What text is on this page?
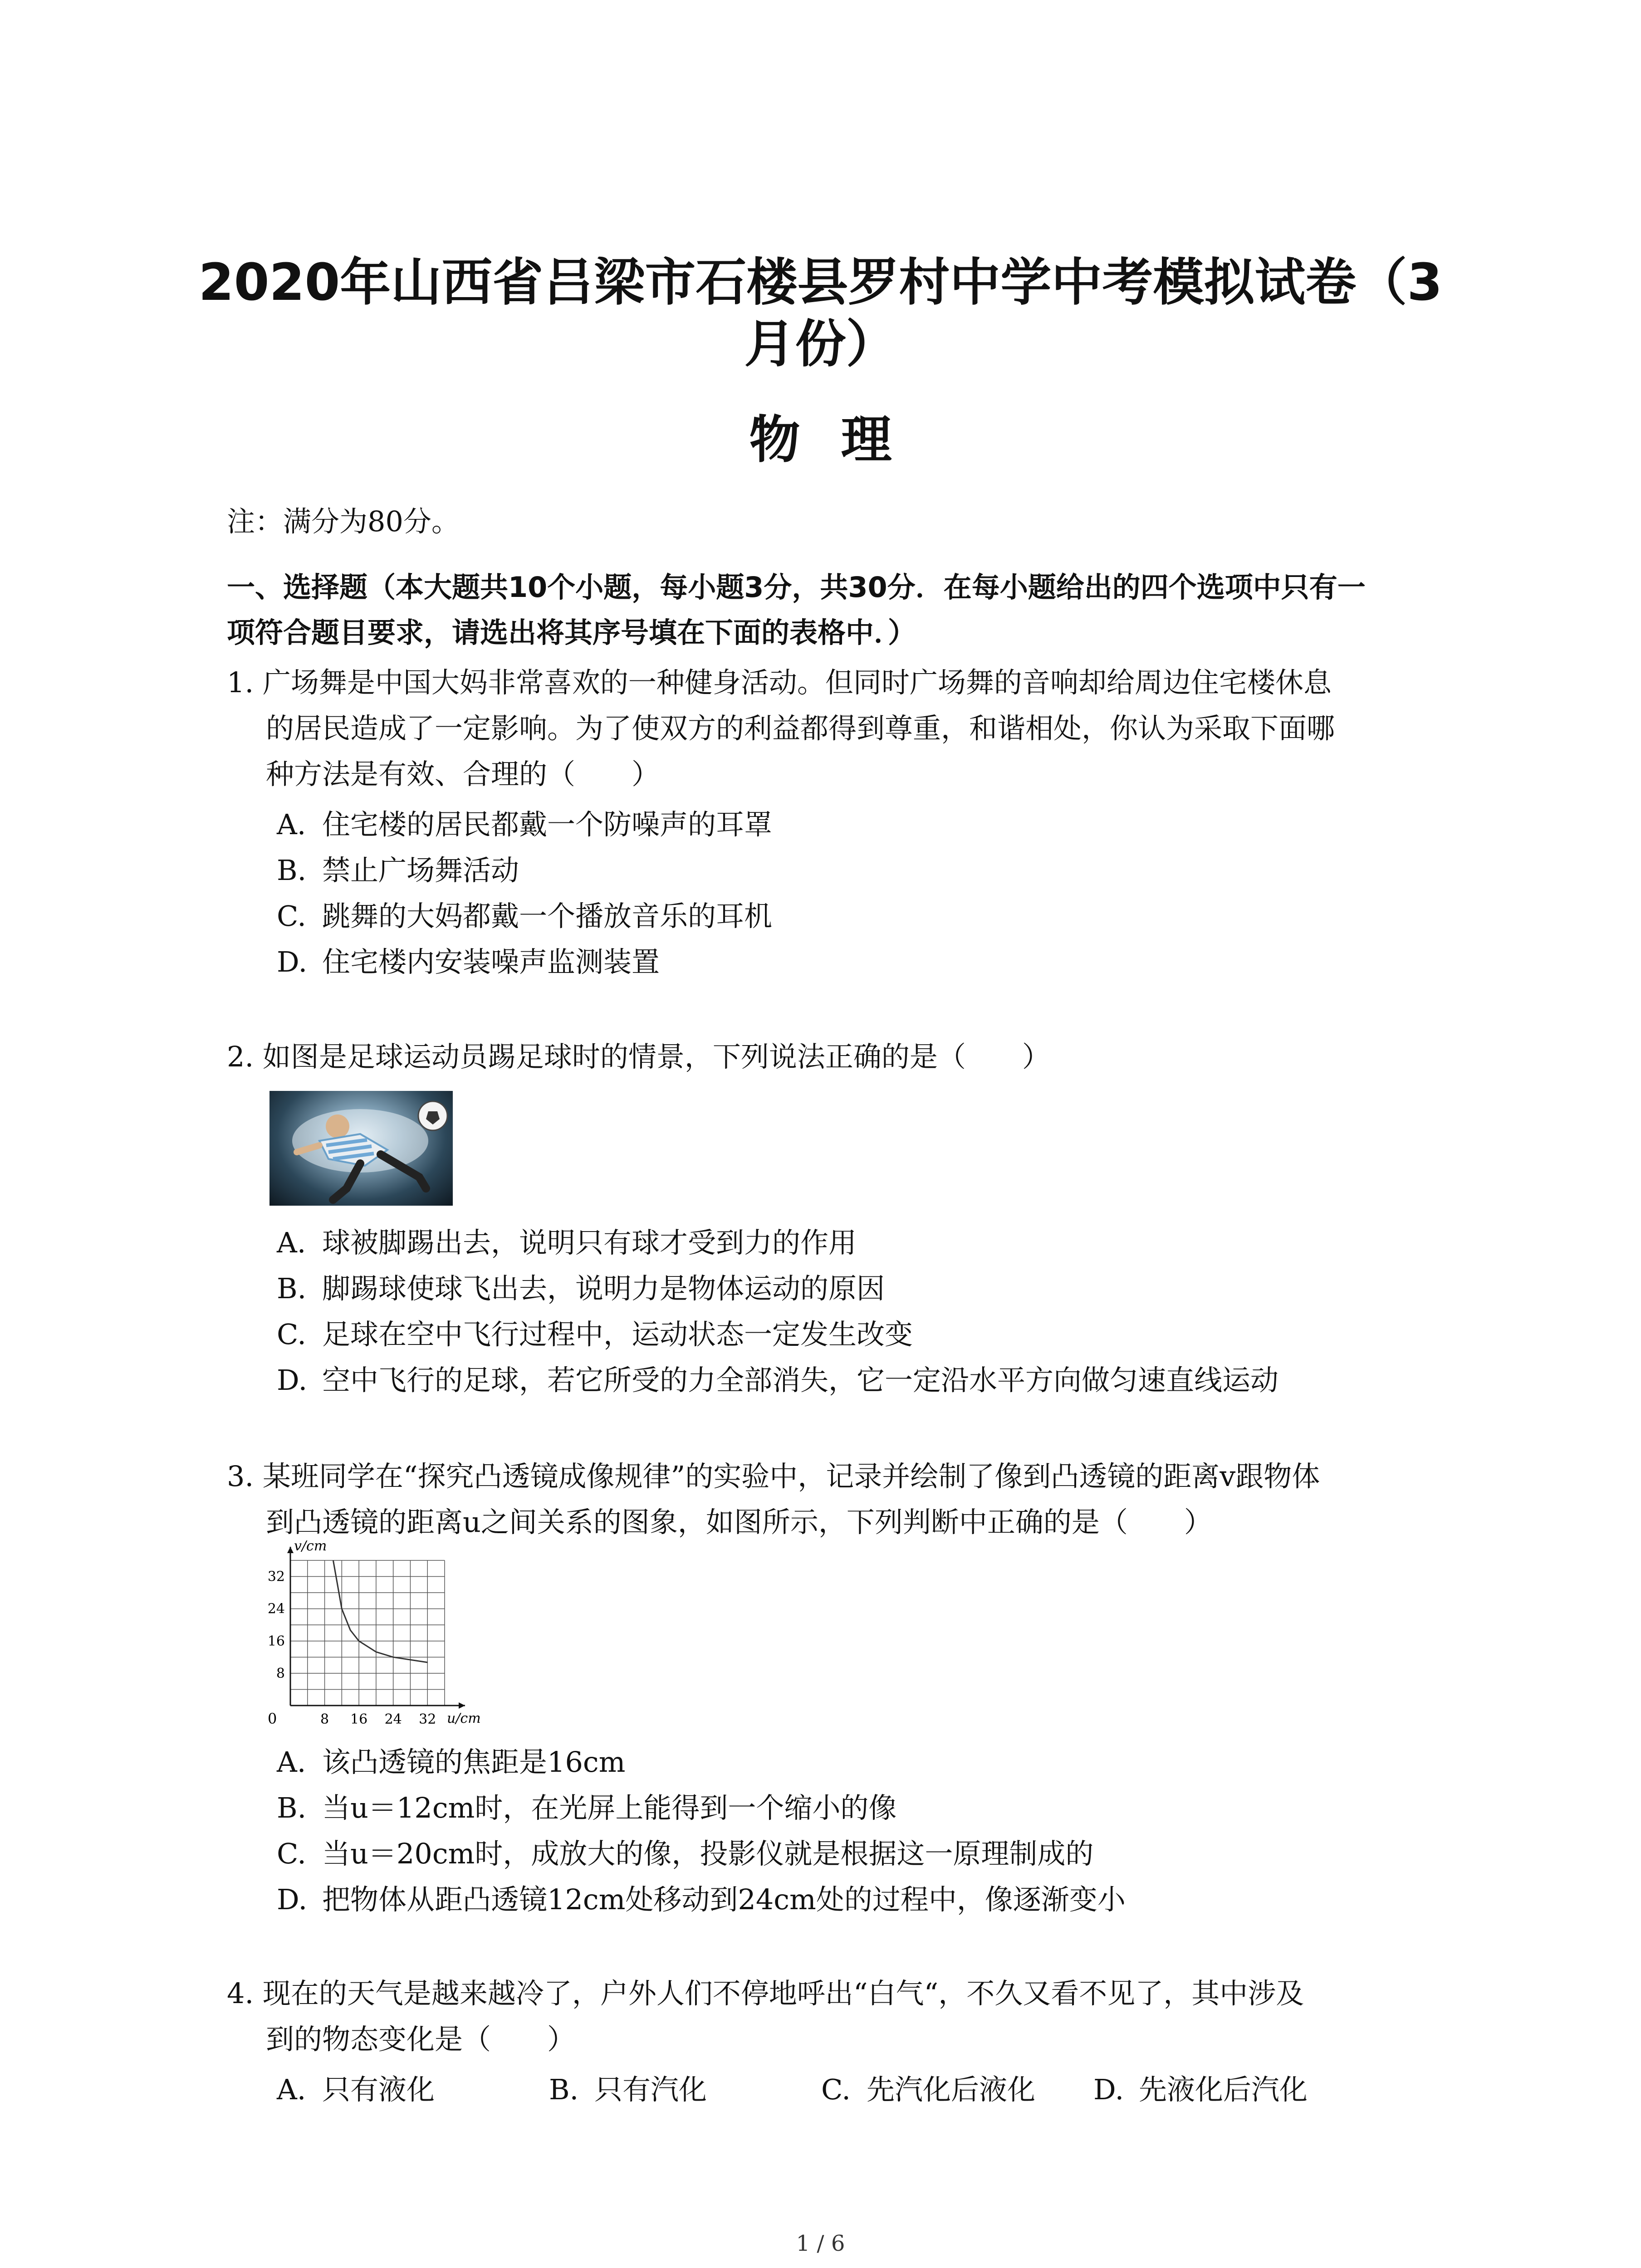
2020年山西省吕梁市石楼县罗村中学中考模拟试卷（3
月份）
物理
注：满分为80分。
一、选择题（本大题共10个小题，每小题3分，共30分．在每小题给出的四个选项中只有一
项符合题目要求，请选出将其序号填在下面的表格中．）
1. 广场舞是中国大妈非常喜欢的一种健身活动。但同时广场舞的音响却给周边住宅楼休息
的居民造成了一定影响。为了使双方的利益都得到尊重，和谐相处，你认为采取下面哪
种方法是有效、合理的（　　）
A. 住宅楼的居民都戴一个防噪声的耳罩
B. 禁止广场舞活动
C. 跳舞的大妈都戴一个播放音乐的耳机
D. 住宅楼内安装噪声监测装置
2. 如图是足球运动员踢足球时的情景，下列说法正确的是（　　）
A. 球被脚踢出去，说明只有球才受到力的作用
B. 脚踢球使球飞出去，说明力是物体运动的原因
C. 足球在空中飞行过程中，运动状态一定发生改变
D. 空中飞行的足球，若它所受的力全部消失，它一定沿水平方向做匀速直线运动
3. 某班同学在“探究凸透镜成像规律”的实验中，记录并绘制了像到凸透镜的距离v跟物体
到凸透镜的距离u之间关系的图象，如图所示，下列判断中正确的是（　　）
8 16 24 32
8
16
24
32
u/cm
v/cm
0
A. 该凸透镜的焦距是16cm
B. 当u＝12cm时，在光屏上能得到一个缩小的像
C. 当u＝20cm时，成放大的像，投影仪就是根据这一原理制成的
D. 把物体从距凸透镜12cm处移动到24cm处的过程中，像逐渐变小
4. 现在的天气是越来越冷了，户外人们不停地呼出“白气“，不久又看不见了，其中涉及
到的物态变化是（　　）
A. 只有液化	B. 只有汽化	C. 先汽化后液化 D. 先液化后汽化
1 / 6
